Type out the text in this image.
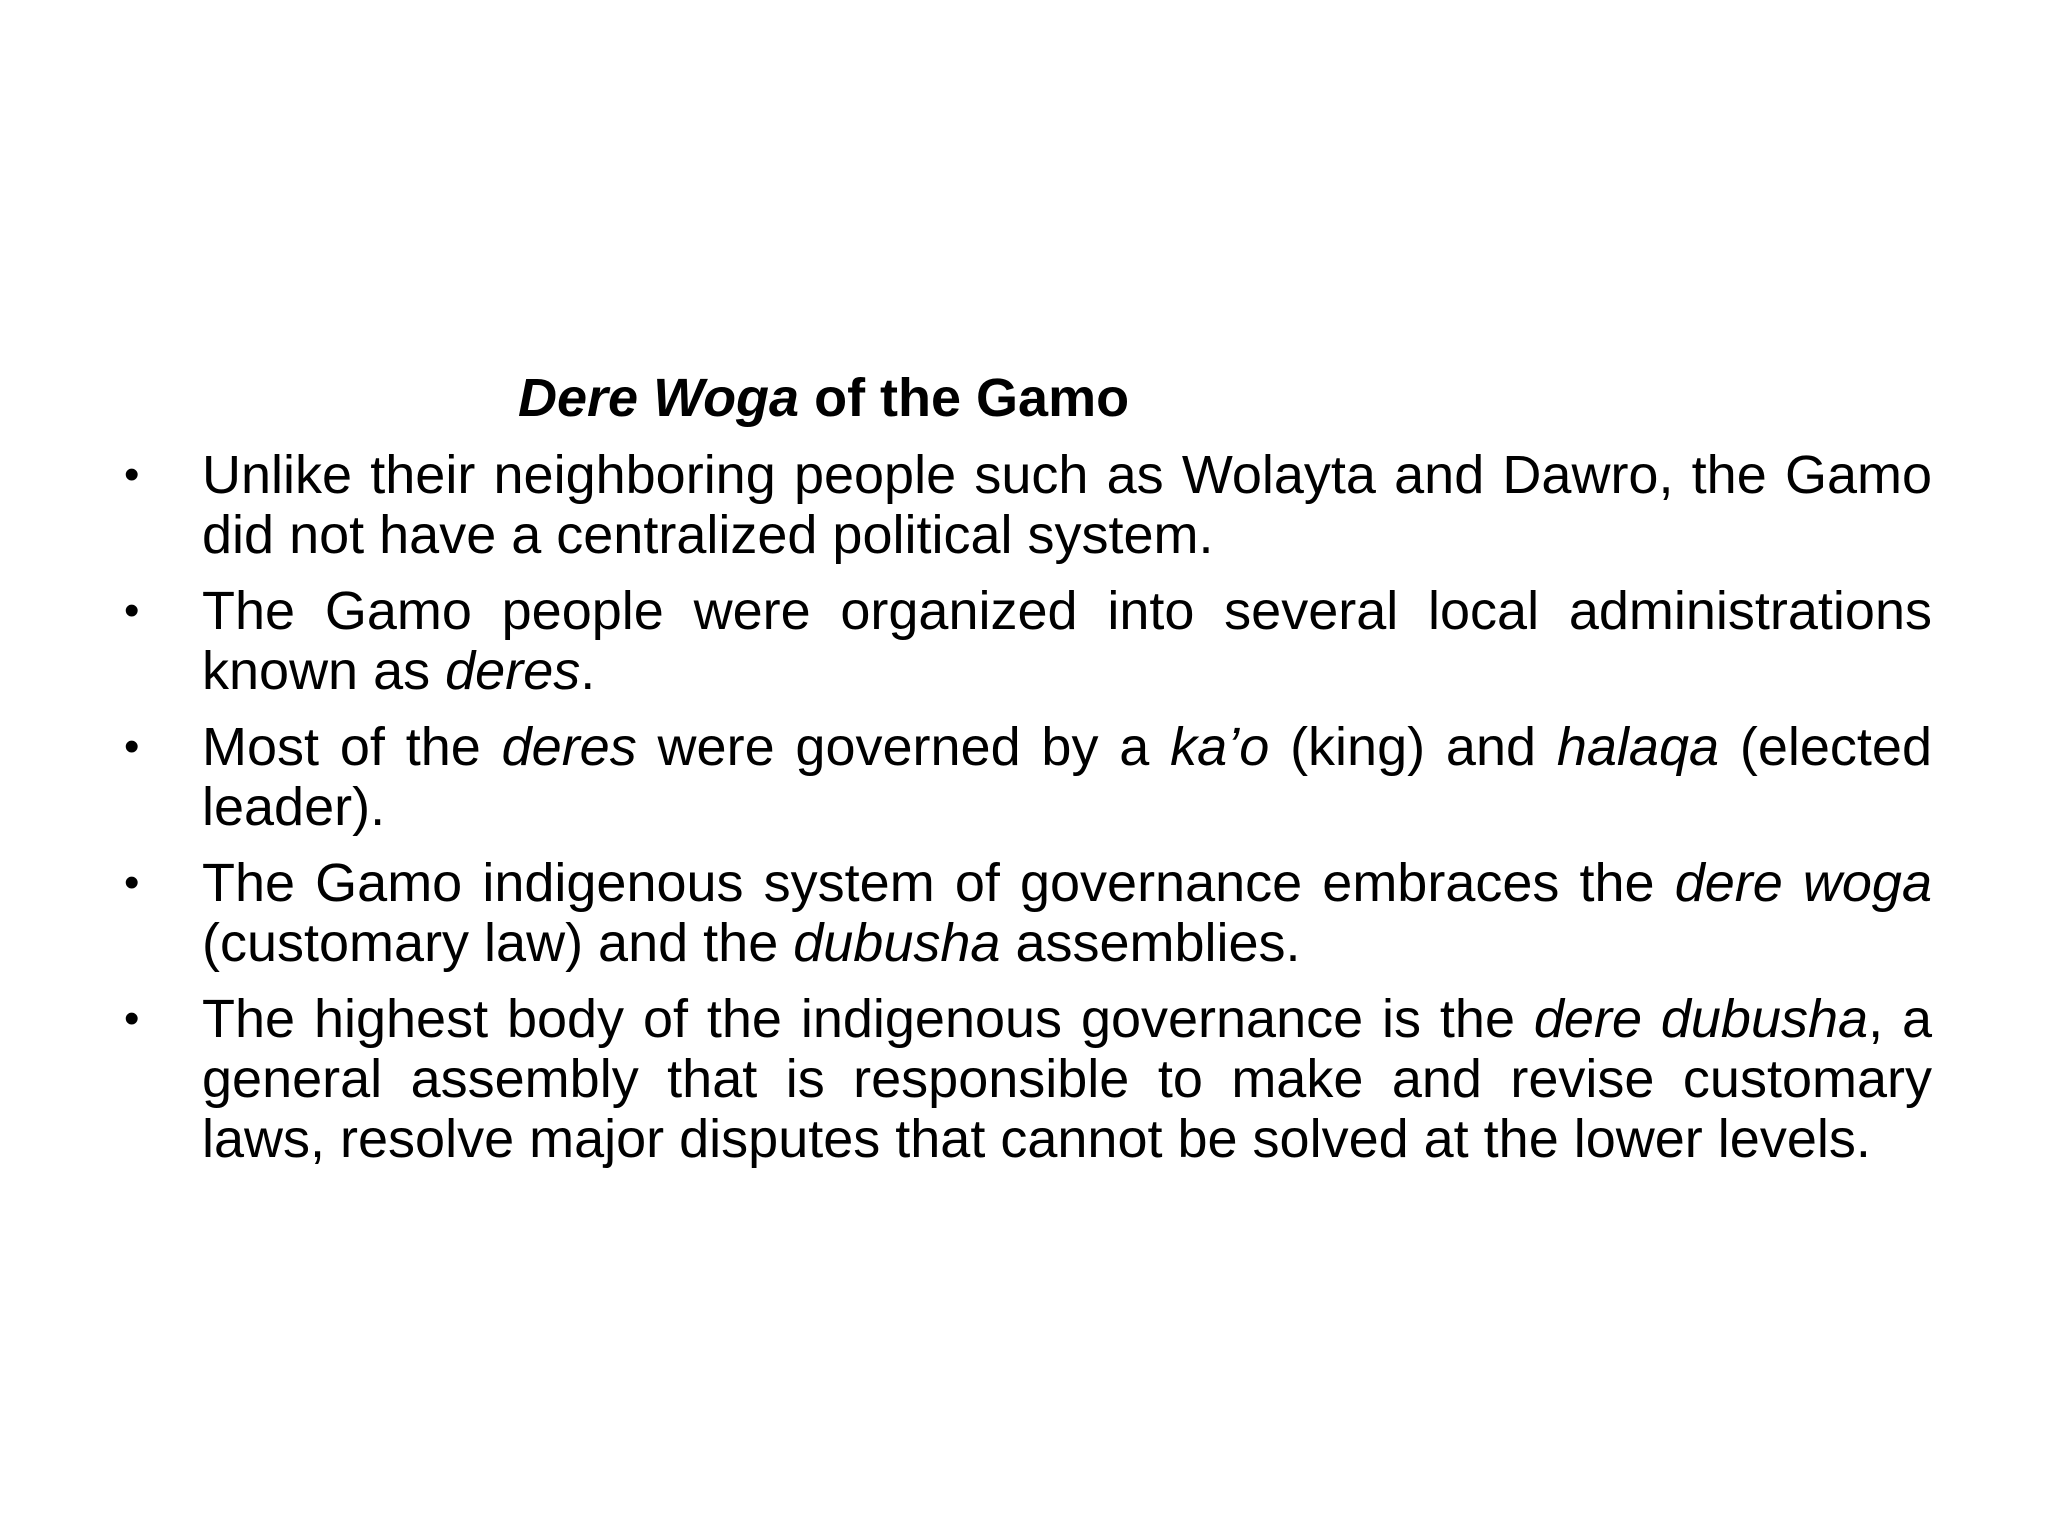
Dere Woga of the Gamo
•	Unlike their neighboring people such as Wolayta and Dawro, the Gamo did not have a centralized political system.
•	The Gamo people were organized into several local administrations known as deres.
•	Most of the deres were governed by a ka’o (king) and halaqa (elected leader).
•	The Gamo indigenous system of governance embraces the dere woga (customary law) and the dubusha assemblies.
•	The highest body of the indigenous governance is the dere dubusha, a general assembly that is responsible to make and revise customary laws, resolve major disputes that cannot be solved at the lower levels.
